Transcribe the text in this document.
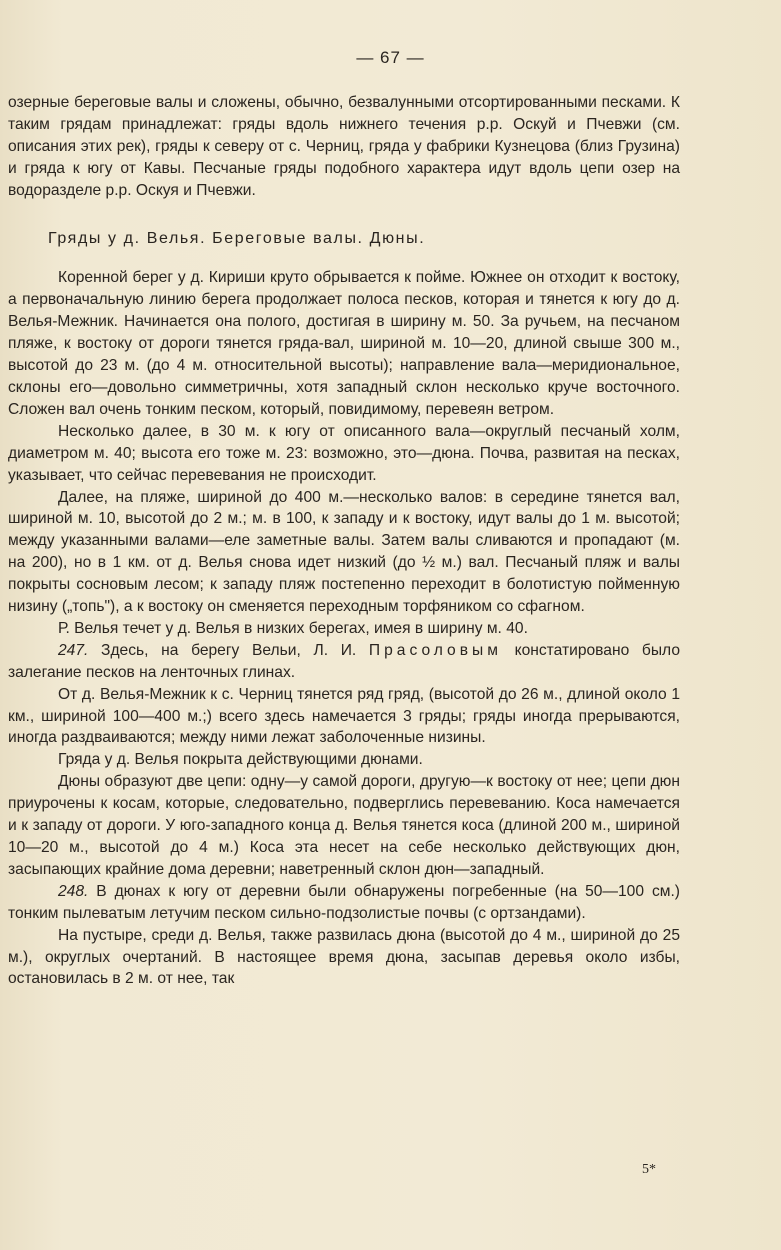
— 67 —

озерные береговые валы и сложены, обычно, безвалунными отсортированными песками. К таким грядам принадлежат: гряды вдоль нижнего течения р.р. Оскуй и Пчевжи (см. описания этих рек), гряды к северу от с. Черниц, гряда у фабрики Кузнецова (близ Грузина) и гряда к югу от Кавы. Песчаные гряды подобного характера идут вдоль цепи озер на водоразделе р.р. Оскуя и Пчевжи.

Гряды у д. Велья. Береговые валы. Дюны.

Коренной берег у д. Кириши круто обрывается к пойме. Южнее он отходит к востоку, а первоначальную линию берега продолжает полоса песков, которая и тянется к югу до д. Велья-Межник. Начинается она полого, достигая в ширину м. 50. За ручьем, на песчаном пляже, к востоку от дороги тянется гряда-вал, шириной м. 10—20, длиной свыше 300 м., высотой до 23 м. (до 4 м. относительной высоты); направление вала—меридиональное, склоны его—довольно симметричны, хотя западный склон несколько круче восточного. Сложен вал очень тонким песком, который, повидимому, перевеян ветром.

Несколько далее, в 30 м. к югу от описанного вала—округлый песчаный холм, диаметром м. 40; высота его тоже м. 23: возможно, это—дюна. Почва, развитая на песках, указывает, что сейчас перевевания не происходит.

Далее, на пляже, шириной до 400 м.—несколько валов: в середине тянется вал, шириной м. 10, высотой до 2 м.; м. в 100, к западу и к востоку, идут валы до 1 м. высотой; между указанными валами—еле заметные валы. Затем валы сливаются и пропадают (м. на 200), но в 1 км. от д. Велья снова идет низкий (до ½ м.) вал. Песчаный пляж и валы покрыты сосновым лесом; к западу пляж постепенно переходит в болотистую пойменную низину („топь"), а к востоку он сменяется переходным торфяником со сфагном.

Р. Велья течет у д. Велья в низких берегах, имея в ширину м. 40.

247. Здесь, на берегу Вельи, Л. И. Прасоловым констатировано было залегание песков на ленточных глинах.

От д. Велья-Межник к с. Черниц тянется ряд гряд, (высотой до 26 м., длиной около 1 км., шириной 100—400 м.;) всего здесь намечается 3 гряды; гряды иногда прерываются, иногда раздваиваются; между ними лежат заболоченные низины.

Гряда у д. Велья покрыта действующими дюнами.

Дюны образуют две цепи: одну—у самой дороги, другую—к востоку от нее; цепи дюн приурочены к косам, которые, следовательно, подверглись перевеванию. Коса намечается и к западу от дороги. У юго-западного конца д. Велья тянется коса (длиной 200 м., шириной 10—20 м., высотой до 4 м.) Коса эта несет на себе несколько действующих дюн, засыпающих крайние дома деревни; наветренный склон дюн—западный.

248. В дюнах к югу от деревни были обнаружены погребенные (на 50—100 см.) тонким пылеватым летучим песком сильно-подзолистые почвы (с ортзандами).

На пустыре, среди д. Велья, также развилась дюна (высотой до 4 м., шириной до 25 м.), округлых очертаний. В настоящее время дюна, засыпав деревья около избы, остановилась в 2 м. от нее, так

5*
